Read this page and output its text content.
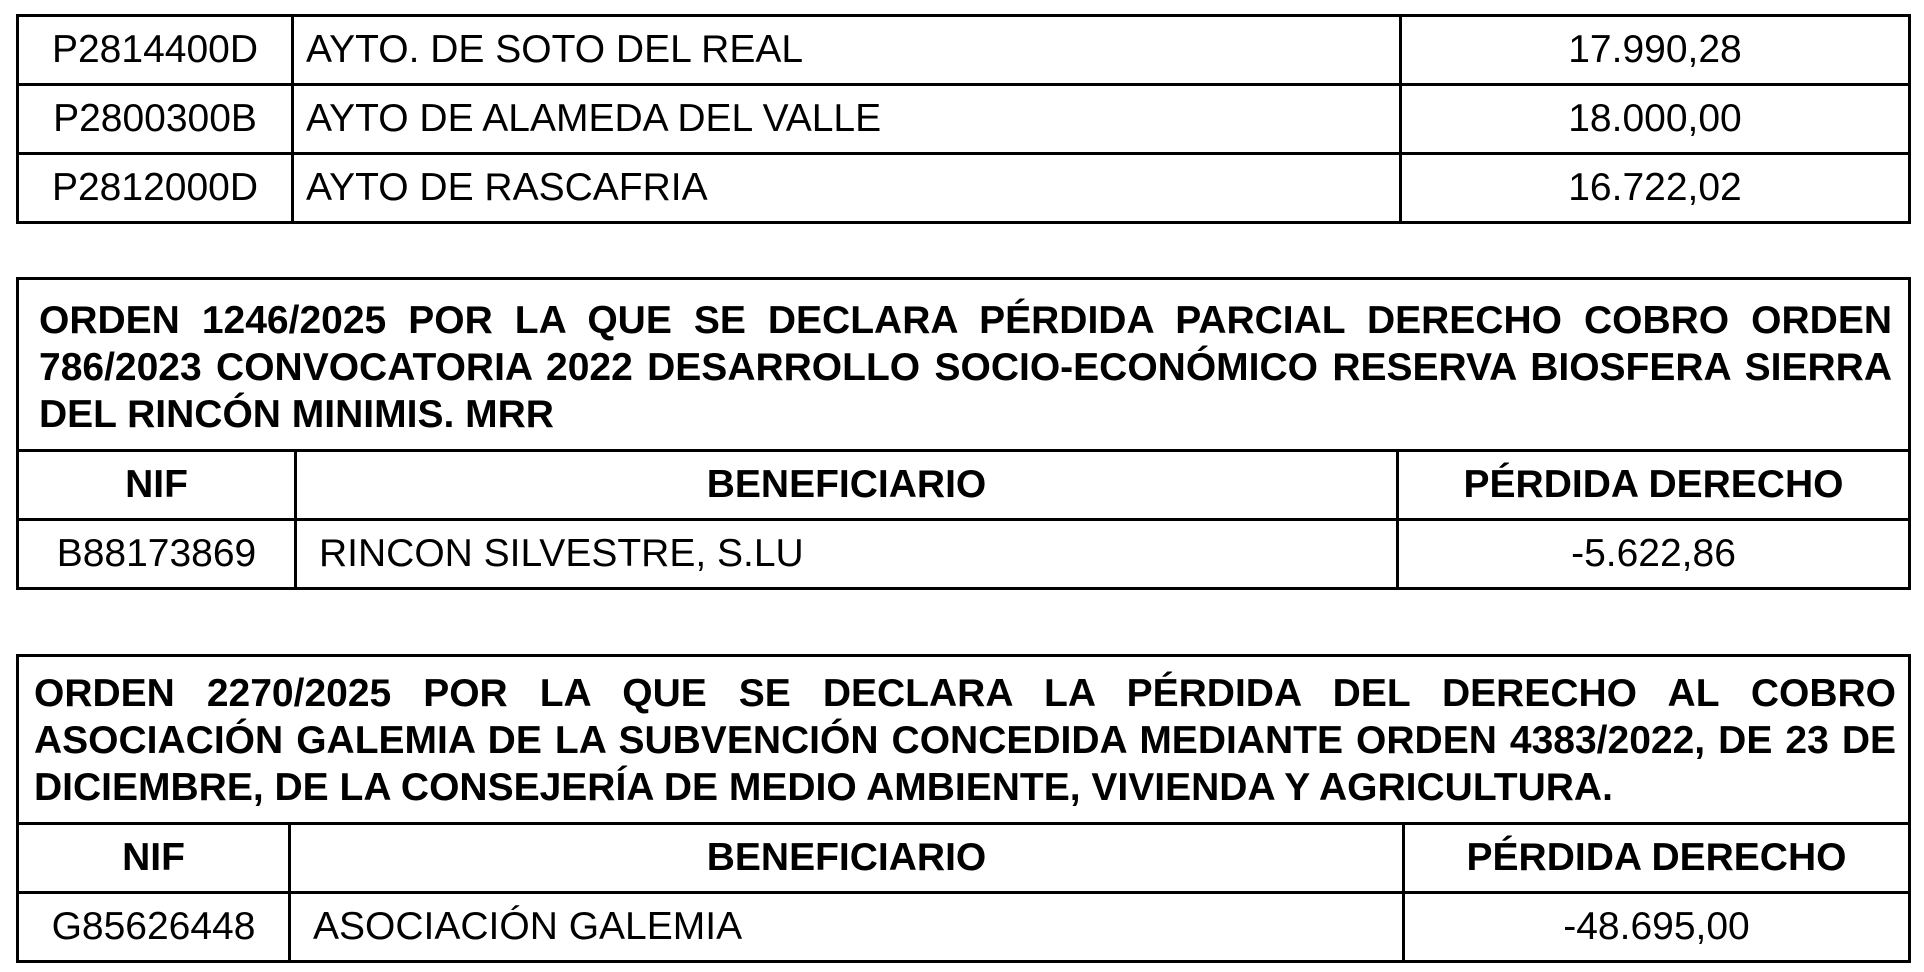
P2814400D	AYTO. DE SOTO DEL REAL	17.990,28
P2800300B	AYTO DE ALAMEDA DEL VALLE	18.000,00
P2812000D	AYTO DE RASCAFRIA	16.722,02
ORDEN 1246/2025 POR LA QUE SE DECLARA PÉRDIDA PARCIAL DERECHO COBRO ORDEN 786/2023 CONVOCATORIA 2022 DESARROLLO SOCIO-ECONÓMICO RESERVA BIOSFERA SIERRA DEL RINCÓN MINIMIS. MRR		
NIF	BENEFICIARIO	PÉRDIDA DERECHO
B88173869	RINCON SILVESTRE, S.LU	-5.622,86
ORDEN 2270/2025 POR LA QUE SE DECLARA LA PÉRDIDA DEL DERECHO AL COBRO ASOCIACIÓN GALEMIA DE LA SUBVENCIÓN CONCEDIDA MEDIANTE ORDEN 4383/2022, DE 23 DE DICIEMBRE, DE LA CONSEJERÍA DE MEDIO AMBIENTE, VIVIENDA Y AGRICULTURA.		
NIF	BENEFICIARIO	PÉRDIDA DERECHO
G85626448	ASOCIACIÓN GALEMIA	-48.695,00
